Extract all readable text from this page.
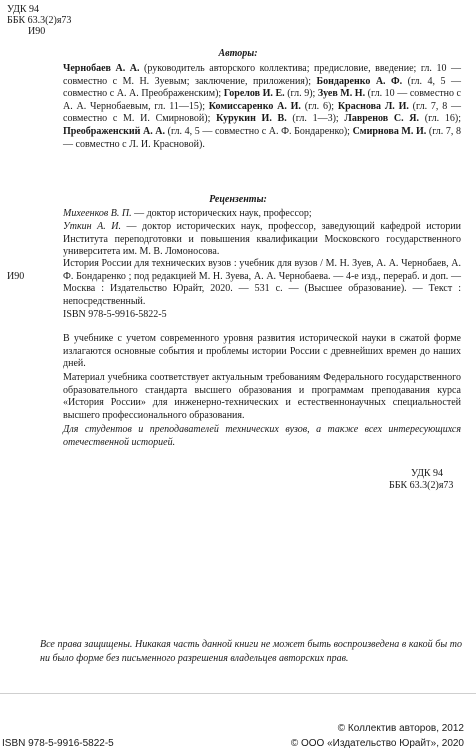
УДК 94
ББК 63.3(2)я73
И90
Авторы:
Чернобаев А. А. (руководитель авторского коллектива; предисловие, введение; гл. 10 — совместно с М. Н. Зуевым; заключение, приложения); Бондаренко А. Ф. (гл. 4, 5 — совместно с А. А. Преображенским); Горелов И. Е. (гл. 9); Зуев М. Н. (гл. 10 — совместно с А. А. Чернобаевым, гл. 11—15); Комиссаренко А. И. (гл. 6); Краснова Л. И. (гл. 7, 8 — совместно с М. И. Смирновой); Курукин И. В. (гл. 1—3); Лавренов С. Я. (гл. 16); Преображенский А. А. (гл. 4, 5 — совместно с А. Ф. Бондаренко); Смирнова М. И. (гл. 7, 8 — совместно с Л. И. Красновой).
Рецензенты:
Михеенков В. П. — доктор исторических наук, профессор;
Уткин А. И. — доктор исторических наук, профессор, заведующий кафедрой истории Института переподготовки и повышения квалификации Московского государственного университета им. М. В. Ломоносова.
И90
История России для технических вузов : учебник для вузов / М. Н. Зуев, А. А. Чернобаев, А. Ф. Бондаренко ; под редакцией М. Н. Зуева, А. А. Чернобаева. — 4-е изд., перераб. и доп. — Москва : Издательство Юрайт, 2020. — 531 с. — (Высшее образование). — Текст : непосредственный.
ISBN 978-5-9916-5822-5
В учебнике с учетом современного уровня развития исторической науки в сжатой форме излагаются основные события и проблемы истории России с древнейших времен до наших дней.
Материал учебника соответствует актуальным требованиям Федерального государственного образовательного стандарта высшего образования и программам преподавания курса «История России» для инженерно-технических и естественнонаучных специальностей высшего профессионального образования.
Для студентов и преподавателей технических вузов, а также всех интересующихся отечественной историей.
УДК 94
ББК 63.3(2)я73
Все права защищены. Никакая часть данной книги не может быть воспроизведена в какой бы то ни было форме без письменного разрешения владельцев авторских прав.
ISBN 978-5-9916-5822-5
© Коллектив авторов, 2012
© ООО «Издательство Юрайт», 2020
